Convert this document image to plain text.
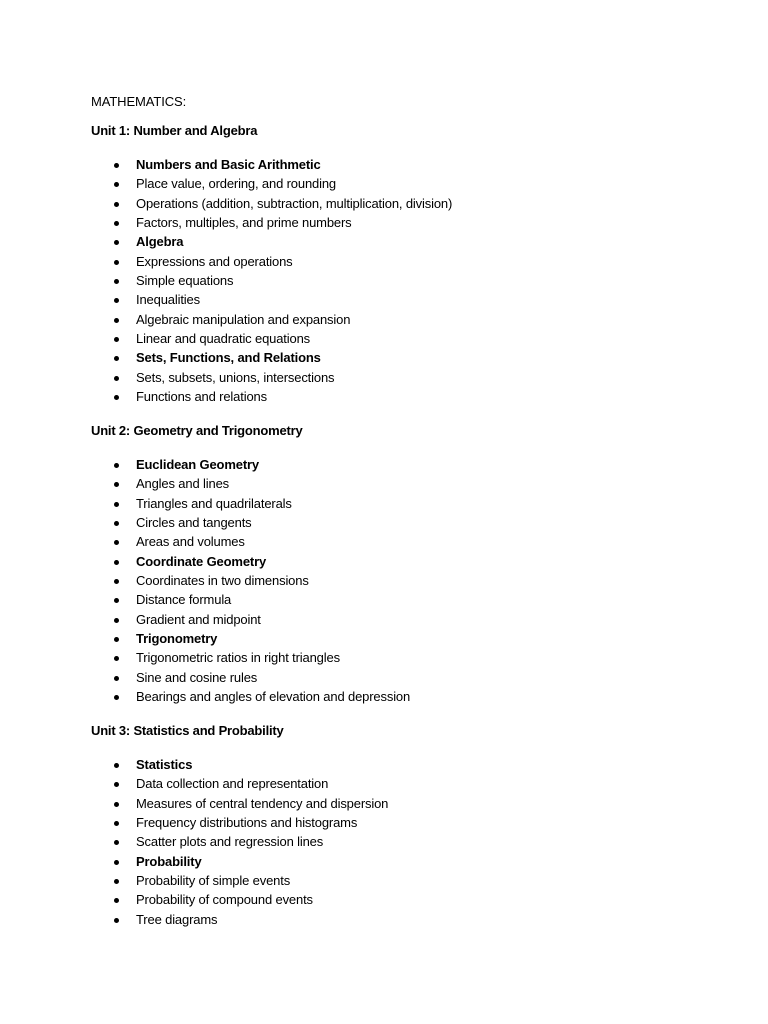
MATHEMATICS:
Unit 1: Number and Algebra
Numbers and Basic Arithmetic
Place value, ordering, and rounding
Operations (addition, subtraction, multiplication, division)
Factors, multiples, and prime numbers
Algebra
Expressions and operations
Simple equations
Inequalities
Algebraic manipulation and expansion
Linear and quadratic equations
Sets, Functions, and Relations
Sets, subsets, unions, intersections
Functions and relations
Unit 2: Geometry and Trigonometry
Euclidean Geometry
Angles and lines
Triangles and quadrilaterals
Circles and tangents
Areas and volumes
Coordinate Geometry
Coordinates in two dimensions
Distance formula
Gradient and midpoint
Trigonometry
Trigonometric ratios in right triangles
Sine and cosine rules
Bearings and angles of elevation and depression
Unit 3: Statistics and Probability
Statistics
Data collection and representation
Measures of central tendency and dispersion
Frequency distributions and histograms
Scatter plots and regression lines
Probability
Probability of simple events
Probability of compound events
Tree diagrams
